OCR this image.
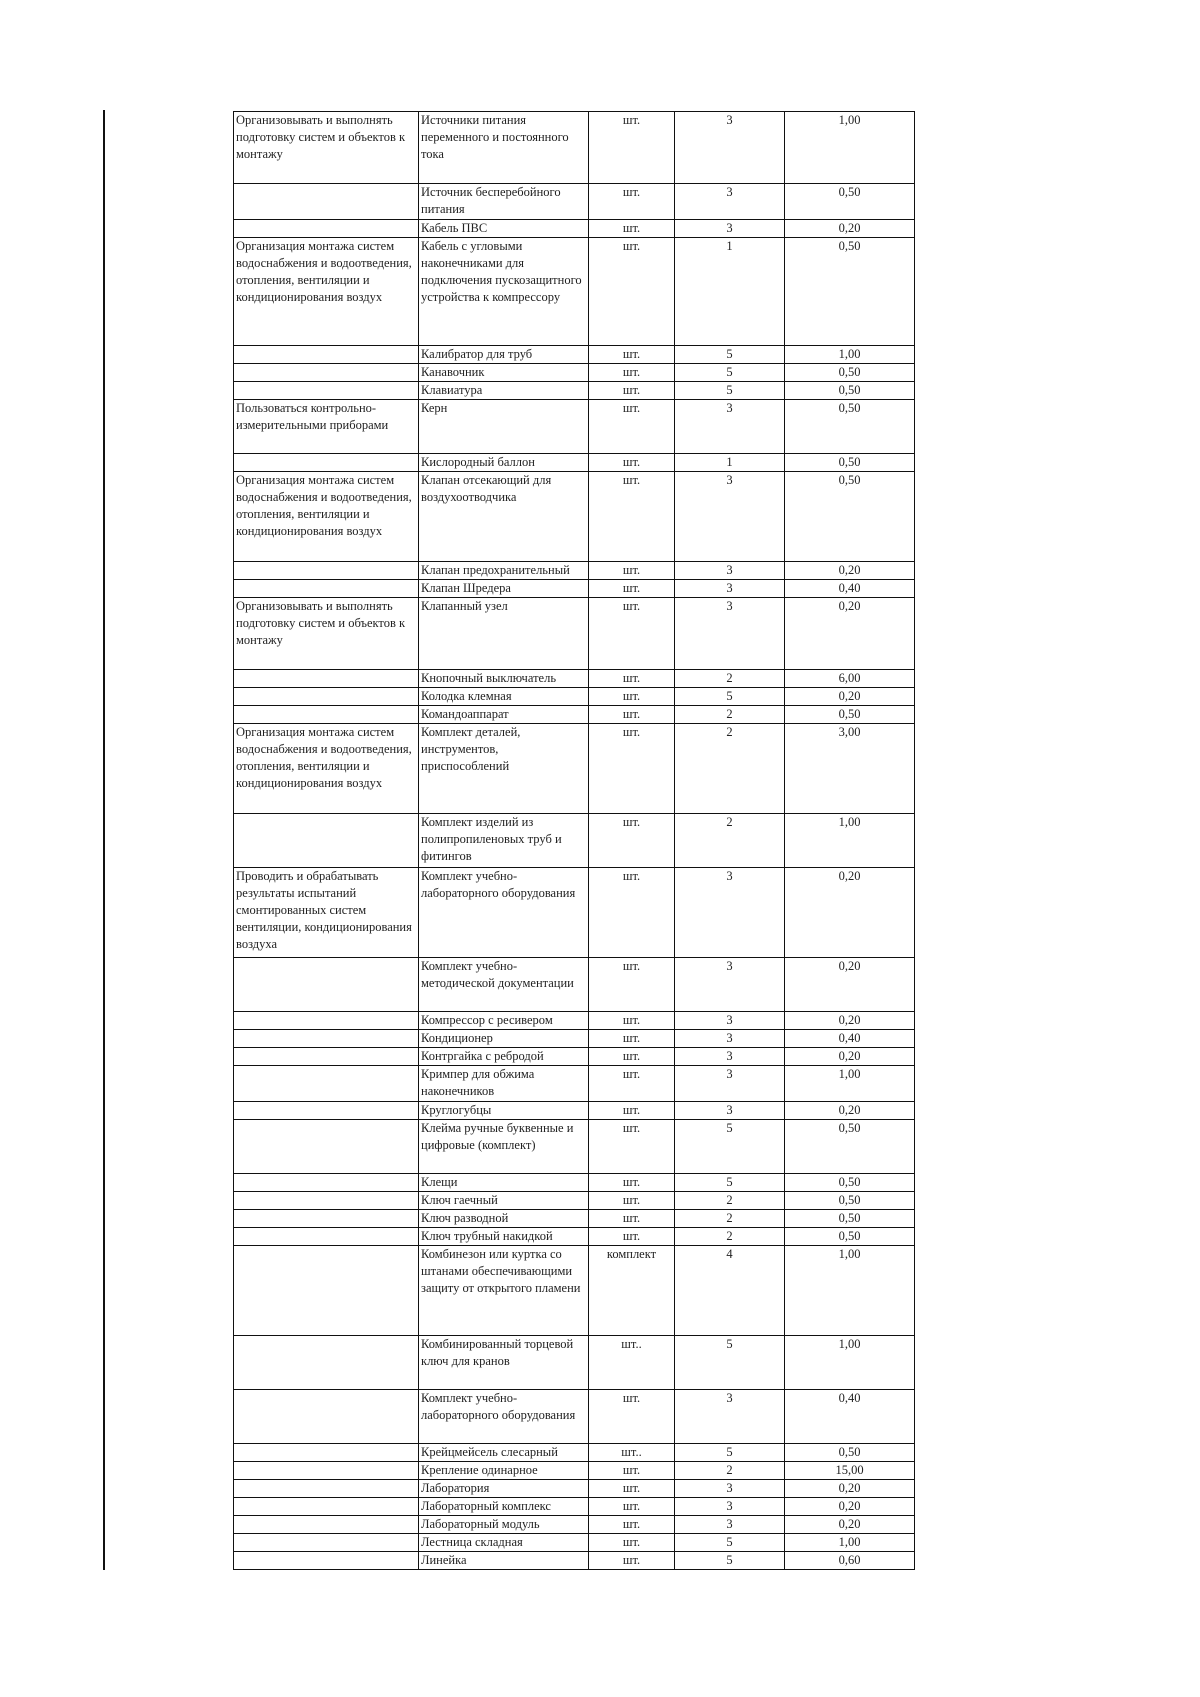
Организовывать и выполнять подготовку систем и объектов к монтажу	Источники питания переменного и постоянного тока	шт.	3	1,00
	Источник бесперебойного питания	шт.	3	0,50
	Кабель ПВС	шт.	3	0,20
Организация монтажа систем водоснабжения и водоотведения, отопления, вентиляции и кондиционирования воздух	Кабель с угловыми наконечниками для подключения пускозащитного устройства к компрессору	шт.	1	0,50
	Калибратор для труб	шт.	5	1,00
	Канавочник	шт.	5	0,50
	Клавиатура	шт.	5	0,50
Пользоваться контрольно-измерительными приборами	Керн	шт.	3	0,50
	Кислородный баллон	шт.	1	0,50
Организация монтажа систем водоснабжения и водоотведения, отопления, вентиляции и кондиционирования воздух	Клапан отсекающий для воздухоотводчика	шт.	3	0,50
	Клапан предохранительный	шт.	3	0,20
	Клапан Шредера	шт.	3	0,40
Организовывать и выполнять подготовку систем и объектов к монтажу	Клапанный узел	шт.	3	0,20
	Кнопочный выключатель	шт.	2	6,00
	Колодка клемная	шт.	5	0,20
	Командоаппарат	шт.	2	0,50
Организация монтажа систем водоснабжения и водоотведения, отопления, вентиляции и кондиционирования воздух	Комплект деталей, инструментов, приспособлений	шт.	2	3,00
	Комплект изделий из полипропиленовых труб и фитингов	шт.	2	1,00
Проводить и обрабатывать результаты испытаний смонтированных систем вентиляции, кондиционирования воздуха	Комплект учебно-лабораторного оборудования	шт.	3	0,20
	Комплект учебно-методической документации	шт.	3	0,20
	Компрессор с ресивером	шт.	3	0,20
	Кондиционер	шт.	3	0,40
	Контргайка с ребродой	шт.	3	0,20
	Кримпер для обжима наконечников	шт.	3	1,00
	Круглогубцы	шт.	3	0,20
	Клейма ручные буквенные и цифровые (комплект)	шт.	5	0,50
	Клещи	шт.	5	0,50
	Ключ гаечный	шт.	2	0,50
	Ключ разводной	шт.	2	0,50
	Ключ трубный накидкой	шт.	2	0,50
	Комбинезон или куртка со штанами обеспечивающими защиту от открытого пламени	комплект	4	1,00
	Комбинированный торцевой ключ для кранов	шт..	5	1,00
	Комплект учебно-лабораторного оборудования	шт.	3	0,40
	Крейцмейсель слесарный	шт..	5	0,50
	Крепление одинарное	шт.	2	15,00
	Лаборатория	шт.	3	0,20
	Лабораторный комплекс	шт.	3	0,20
	Лабораторный модуль	шт.	3	0,20
	Лестница складная	шт.	5	1,00
	Линейка	шт.	5	0,60
